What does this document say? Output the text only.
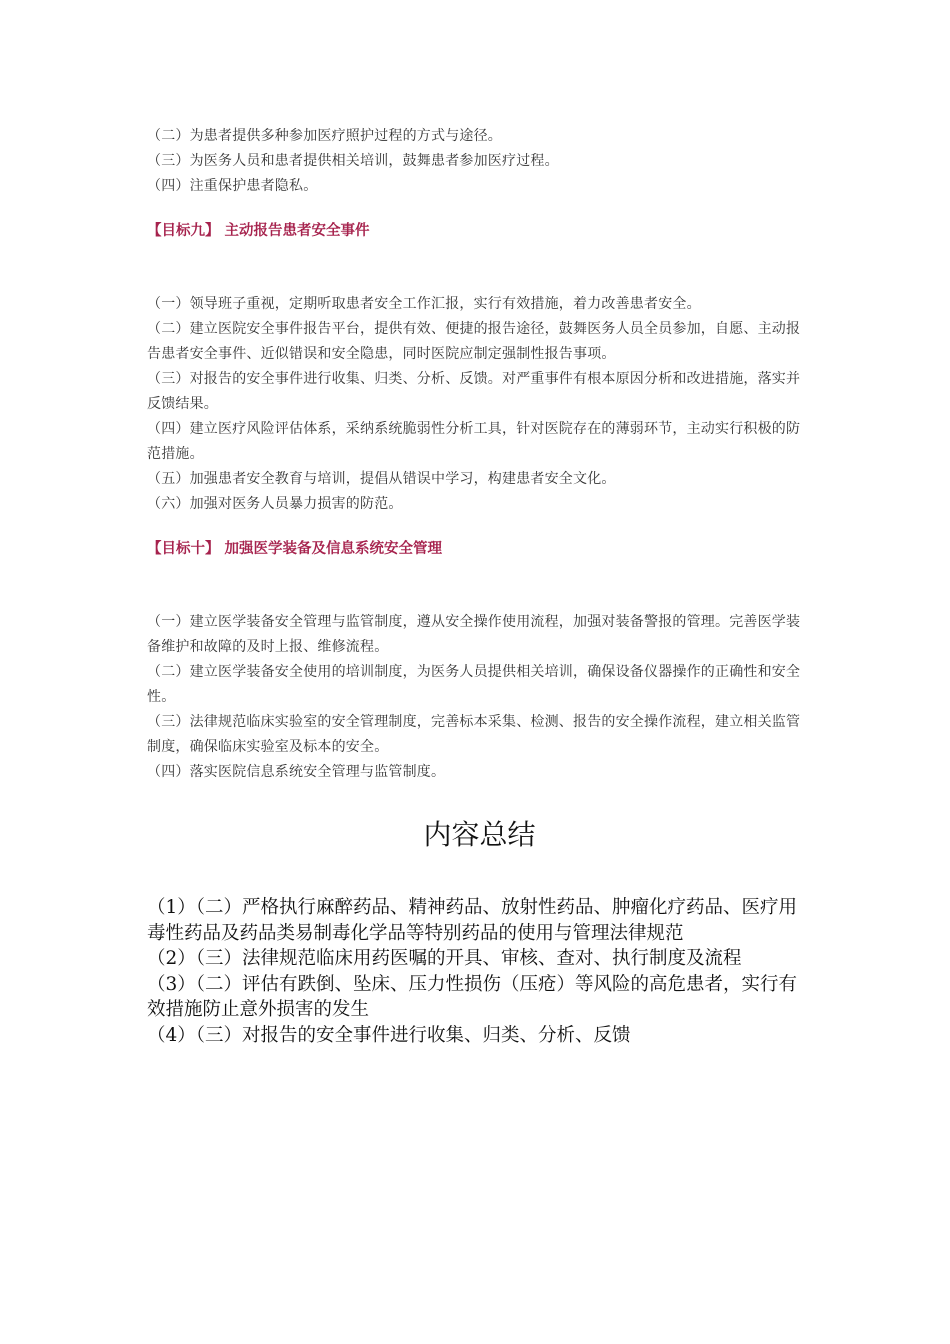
（二）为患者提供多种参加医疗照护过程的方式与途径。
（三）为医务人员和患者提供相关培训，鼓舞患者参加医疗过程。
（四）注重保护患者隐私。
【目标九】 主动报告患者安全事件
（一）领导班子重视，定期听取患者安全工作汇报，实行有效措施，着力改善患者安全。
（二）建立医院安全事件报告平台，提供有效、便捷的报告途径，鼓舞医务人员全员参加，自愿、主动报告患者安全事件、近似错误和安全隐患，同时医院应制定强制性报告事项。
（三）对报告的安全事件进行收集、归类、分析、反馈。对严重事件有根本原因分析和改进措施，落实并反馈结果。
（四）建立医疗风险评估体系，采纳系统脆弱性分析工具，针对医院存在的薄弱环节，主动实行积极的防范措施。
（五）加强患者安全教育与培训，提倡从错误中学习，构建患者安全文化。
（六）加强对医务人员暴力损害的防范。
【目标十】 加强医学装备及信息系统安全管理
（一）建立医学装备安全管理与监管制度，遵从安全操作使用流程，加强对装备警报的管理。完善医学装备维护和故障的及时上报、维修流程。
（二）建立医学装备安全使用的培训制度，为医务人员提供相关培训，确保设备仪器操作的正确性和安全性。
（三）法律规范临床实验室的安全管理制度，完善标本采集、检测、报告的安全操作流程，建立相关监管制度，确保临床实验室及标本的安全。
（四）落实医院信息系统安全管理与监管制度。
内容总结
（1）（二）严格执行麻醉药品、精神药品、放射性药品、肿瘤化疗药品、医疗用毒性药品及药品类易制毒化学品等特别药品的使用与管理法律规范
（2）（三）法律规范临床用药医嘱的开具、审核、查对、执行制度及流程
（3）（二）评估有跌倒、坠床、压力性损伤（压疮）等风险的高危患者，实行有效措施防止意外损害的发生
（4）（三）对报告的安全事件进行收集、归类、分析、反馈
